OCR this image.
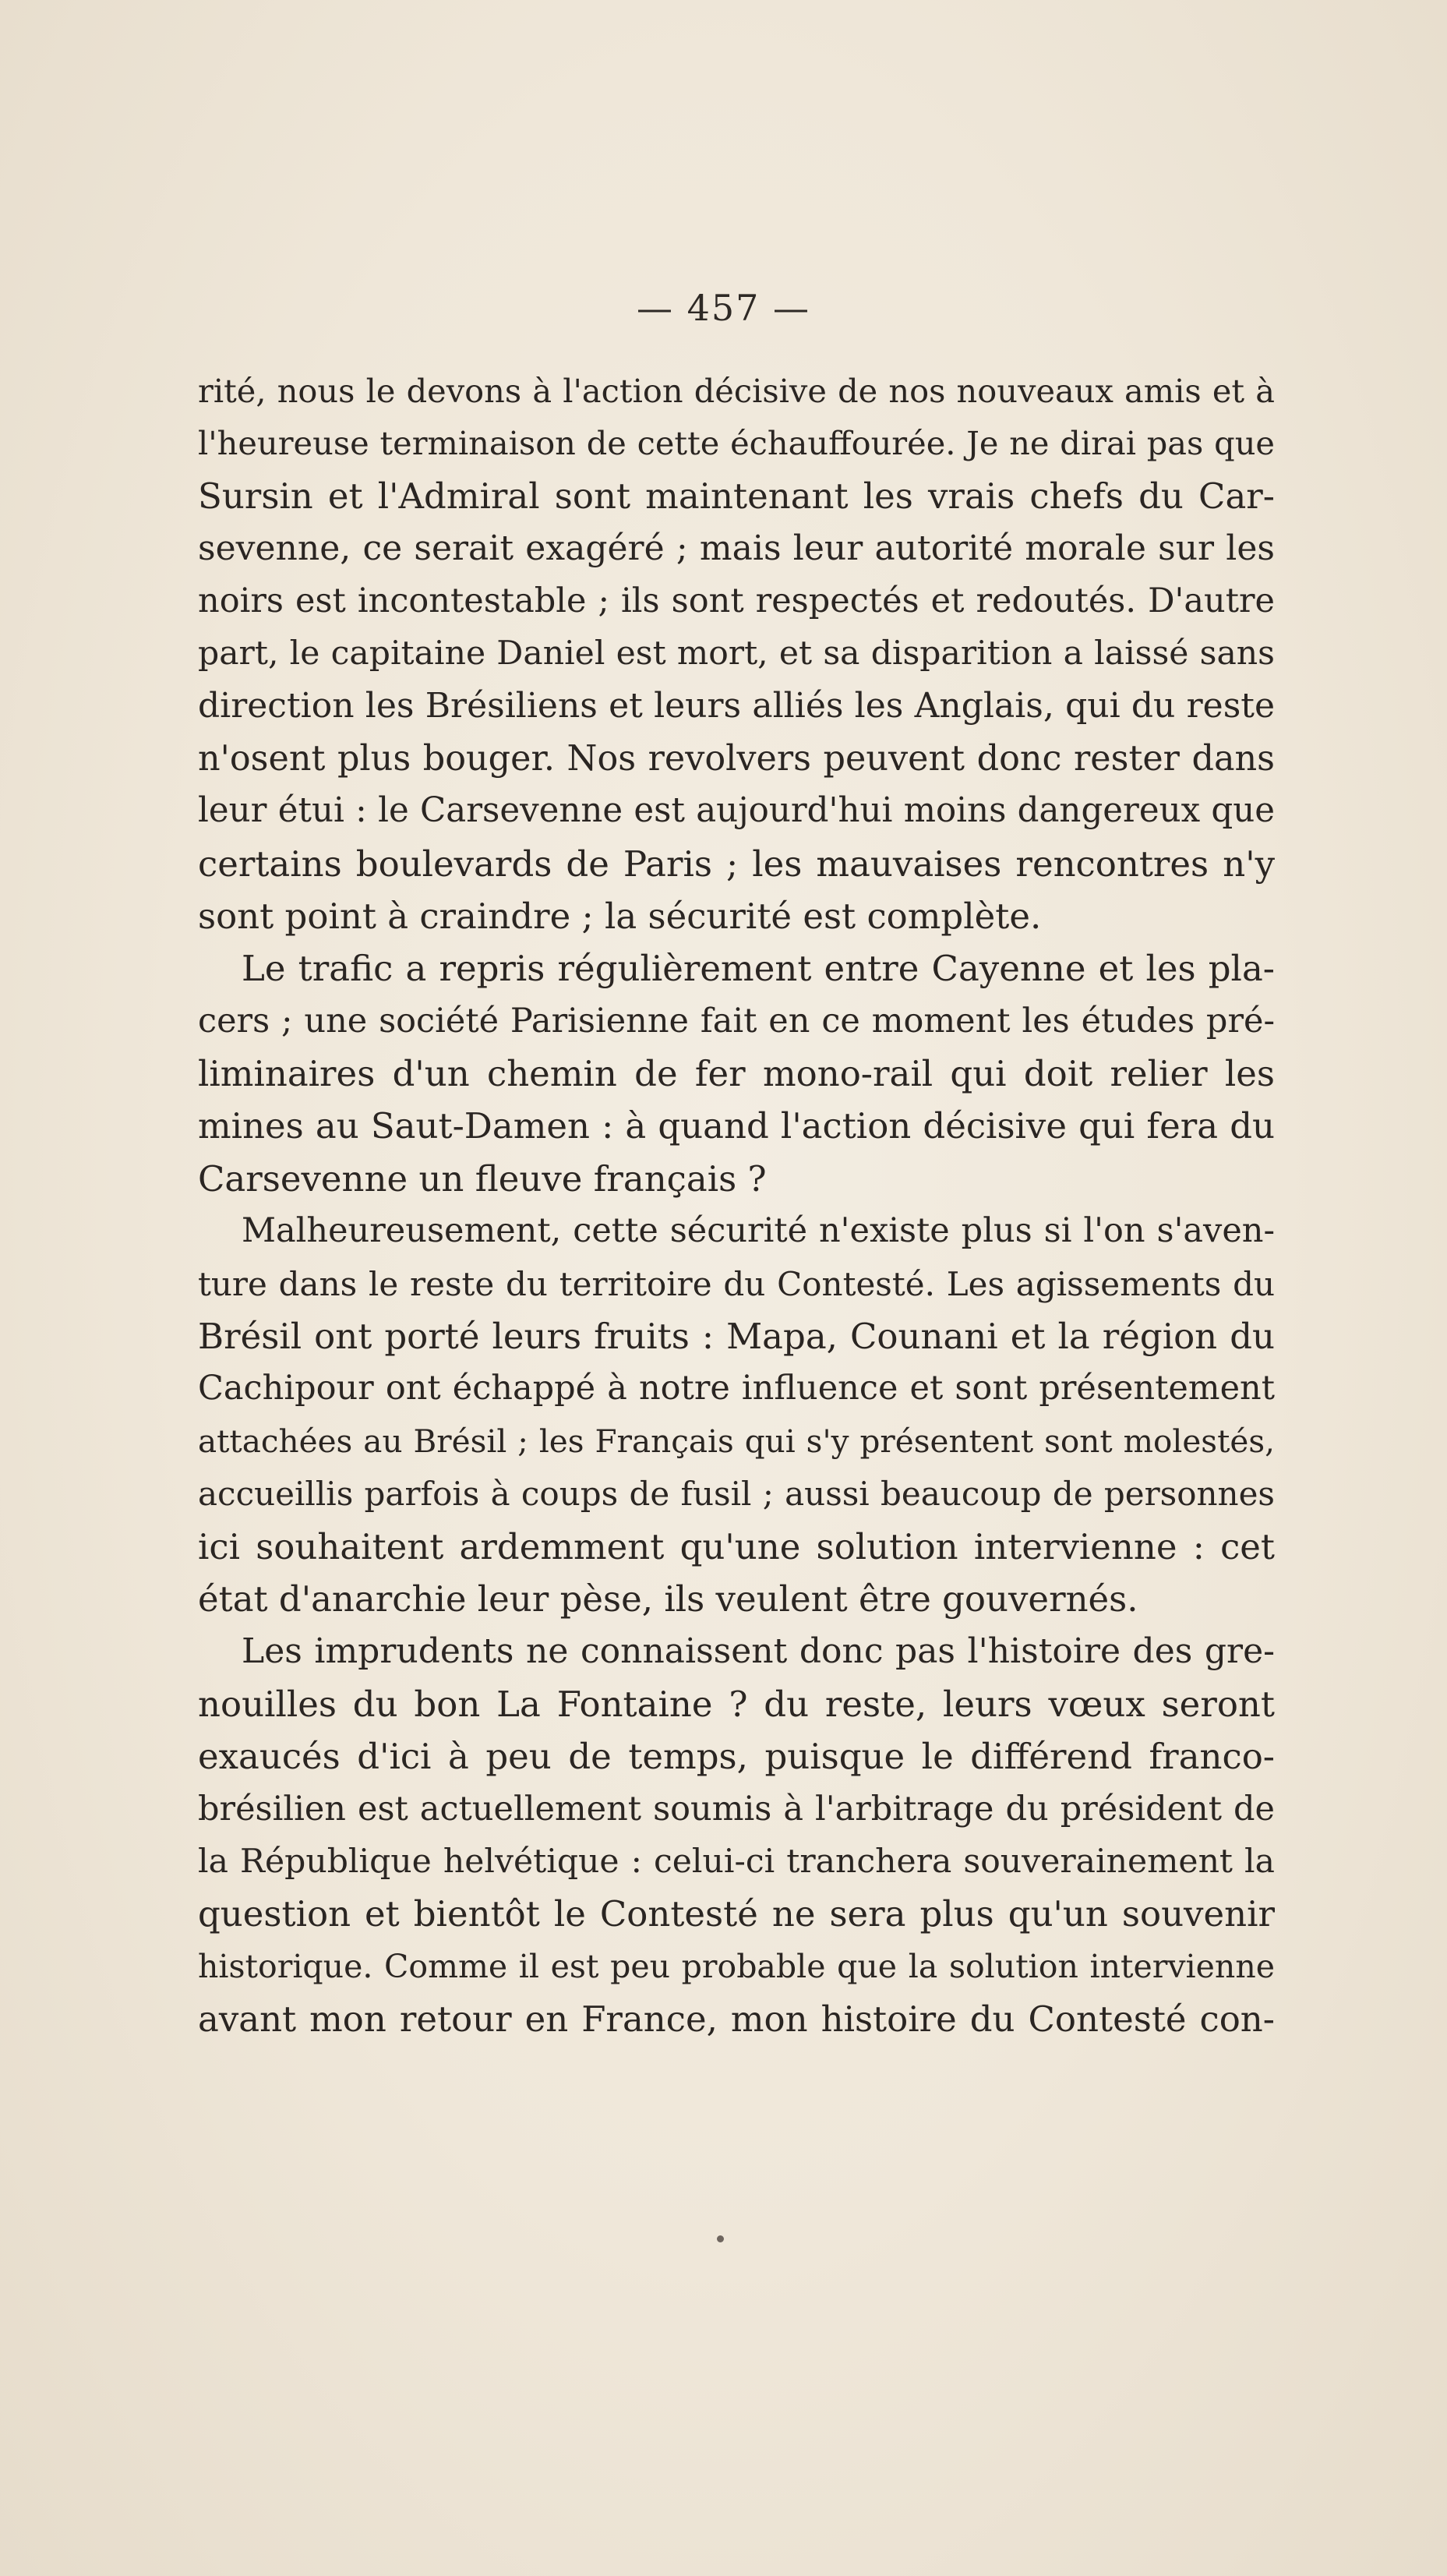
— 457 —
rité, nous le devons à l'action décisive de nos nouveaux amis et à
l'heureuse terminaison de cette échauffourée. Je ne dirai pas que
Sursin et l'Admiral sont maintenant les vrais chefs du Car-
sevenne, ce serait exagéré ; mais leur autorité morale sur les
noirs est incontestable ; ils sont respectés et redoutés. D'autre
part, le capitaine Daniel est mort, et sa disparition a laissé sans
direction les Brésiliens et leurs alliés les Anglais, qui du reste
n'osent plus bouger. Nos revolvers peuvent donc rester dans
leur étui : le Carsevenne est aujourd'hui moins dangereux que
certains boulevards de Paris ; les mauvaises rencontres n'y
sont point à craindre ; la sécurité est complète.
Le trafic a repris régulièrement entre Cayenne et les pla-
cers ; une société Parisienne fait en ce moment les études pré-
liminaires d'un chemin de fer mono-rail qui doit relier les
mines au Saut-Damen : à quand l'action décisive qui fera du
Carsevenne un fleuve français ?
Malheureusement, cette sécurité n'existe plus si l'on s'aven-
ture dans le reste du territoire du Contesté. Les agissements du
Brésil ont porté leurs fruits : Mapa, Counani et la région du
Cachipour ont échappé à notre influence et sont présentement
attachées au Brésil ; les Français qui s'y présentent sont molestés,
accueillis parfois à coups de fusil ; aussi beaucoup de personnes
ici souhaitent ardemment qu'une solution intervienne : cet
état d'anarchie leur pèse, ils veulent être gouvernés.
Les imprudents ne connaissent donc pas l'histoire des gre-
nouilles du bon La Fontaine ? du reste, leurs vœux seront
exaucés d'ici à peu de temps, puisque le différend franco-
brésilien est actuellement soumis à l'arbitrage du président de
la République helvétique : celui-ci tranchera souverainement la
question et bientôt le Contesté ne sera plus qu'un souvenir
historique. Comme il est peu probable que la solution intervienne
avant mon retour en France, mon histoire du Contesté con-
